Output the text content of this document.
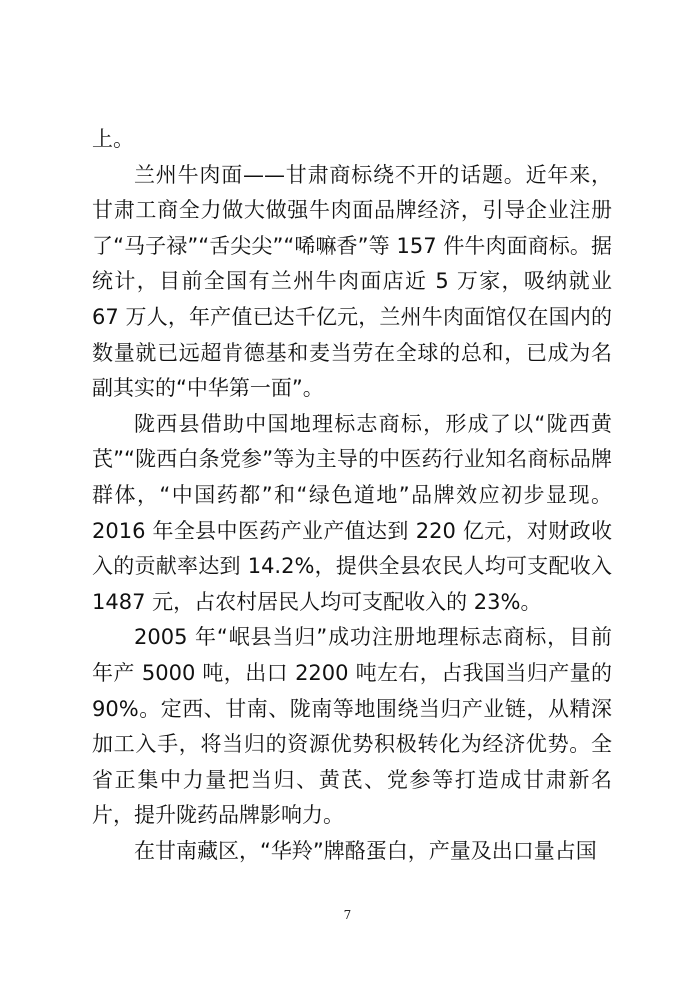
上。

兰州牛肉面——甘肃商标绕不开的话题。近年来，甘肃工商全力做大做强牛肉面品牌经济，引导企业注册了“马子禄”“舌尖尖”“唏嘛香”等 157 件牛肉面商标。据统计，目前全国有兰州牛肉面店近 5 万家，吸纳就业 67 万人，年产值已达千亿元，兰州牛肉面馆仅在国内的数量就已远超肯德基和麦当劳在全球的总和，已成为名副其实的“中华第一面”。

陇西县借助中国地理标志商标，形成了以“陇西黄芪”“陇西白条党参”等为主导的中医药行业知名商标品牌群体，“中国药都”和“绿色道地”品牌效应初步显现。2016 年全县中医药产业产值达到 220 亿元，对财政收入的贡献率达到 14.2%，提供全县农民人均可支配收入 1487 元，占农村居民人均可支配收入的 23%。

2005 年“岷县当归”成功注册地理标志商标，目前年产 5000 吨，出口 2200 吨左右，占我国当归产量的 90%。定西、甘南、陇南等地围绕当归产业链，从精深加工入手，将当归的资源优势积极转化为经济优势。全省正集中力量把当归、黄芪、党参等打造成甘肃新名片，提升陇药品牌影响力。

在甘南藏区，“华羚”牌酪蛋白，产量及出口量占国

7
